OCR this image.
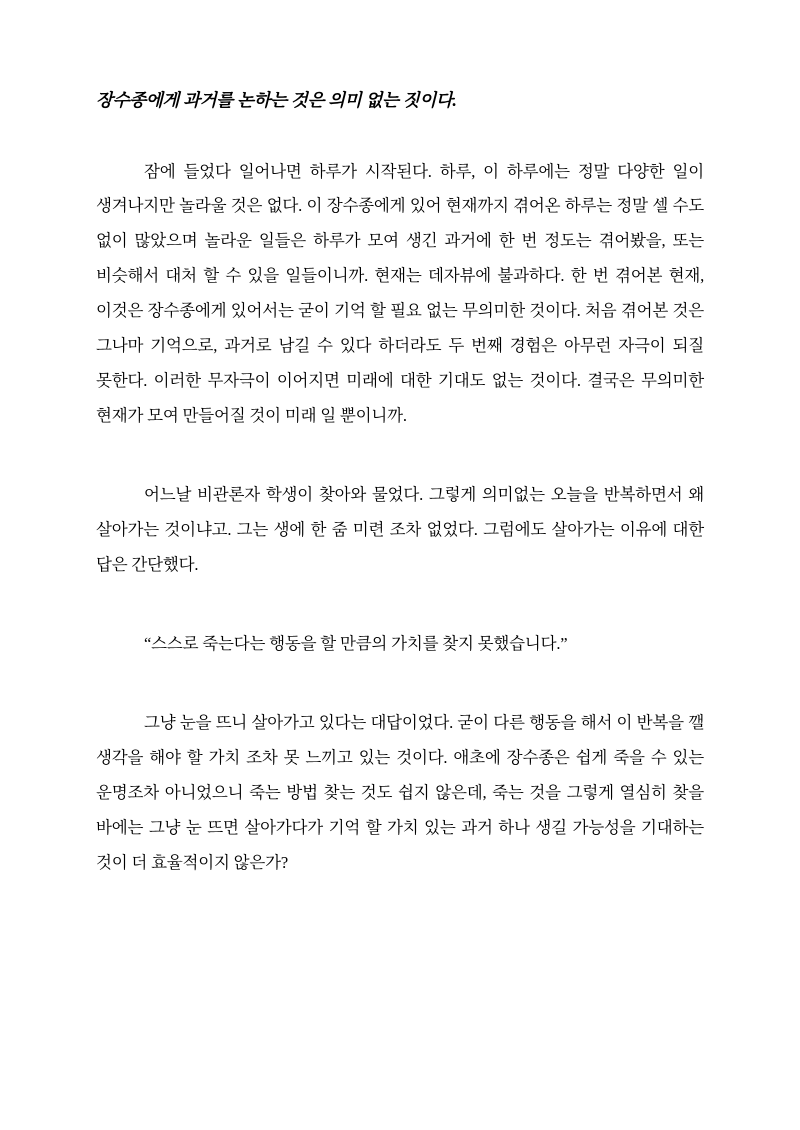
장수종에게 과거를 논하는 것은 의미 없는 짓이다.

잠에 들었다 일어나면 하루가 시작된다. 하루, 이 하루에는 정말 다양한 일이 생겨나지만 놀라울 것은 없다. 이 장수종에게 있어 현재까지 겪어온 하루는 정말 셀 수도 없이 많았으며 놀라운 일들은 하루가 모여 생긴 과거에 한 번 정도는 겪어봤을, 또는 비슷해서 대처 할 수 있을 일들이니까. 현재는 데자뷰에 불과하다. 한 번 겪어본 현재, 이것은 장수종에게 있어서는 굳이 기억 할 필요 없는 무의미한 것이다. 처음 겪어본 것은 그나마 기억으로, 과거로 남길 수 있다 하더라도 두 번째 경험은 아무런 자극이 되질 못한다. 이러한 무자극이 이어지면 미래에 대한 기대도 없는 것이다. 결국은 무의미한 현재가 모여 만들어질 것이 미래 일 뿐이니까.

어느날 비관론자 학생이 찾아와 물었다. 그렇게 의미없는 오늘을 반복하면서 왜 살아가는 것이냐고. 그는 생에 한 줌 미련 조차 없었다. 그럼에도 살아가는 이유에 대한 답은 간단했다.

“스스로 죽는다는 행동을 할 만큼의 가치를 찾지 못했습니다.”

그냥 눈을 뜨니 살아가고 있다는 대답이었다. 굳이 다른 행동을 해서 이 반복을 깰 생각을 해야 할 가치 조차 못 느끼고 있는 것이다. 애초에 장수종은 쉽게 죽을 수 있는 운명조차 아니었으니 죽는 방법 찾는 것도 쉽지 않은데, 죽는 것을 그렇게 열심히 찾을 바에는 그냥 눈 뜨면 살아가다가 기억 할 가치 있는 과거 하나 생길 가능성을 기대하는 것이 더 효율적이지 않은가?
